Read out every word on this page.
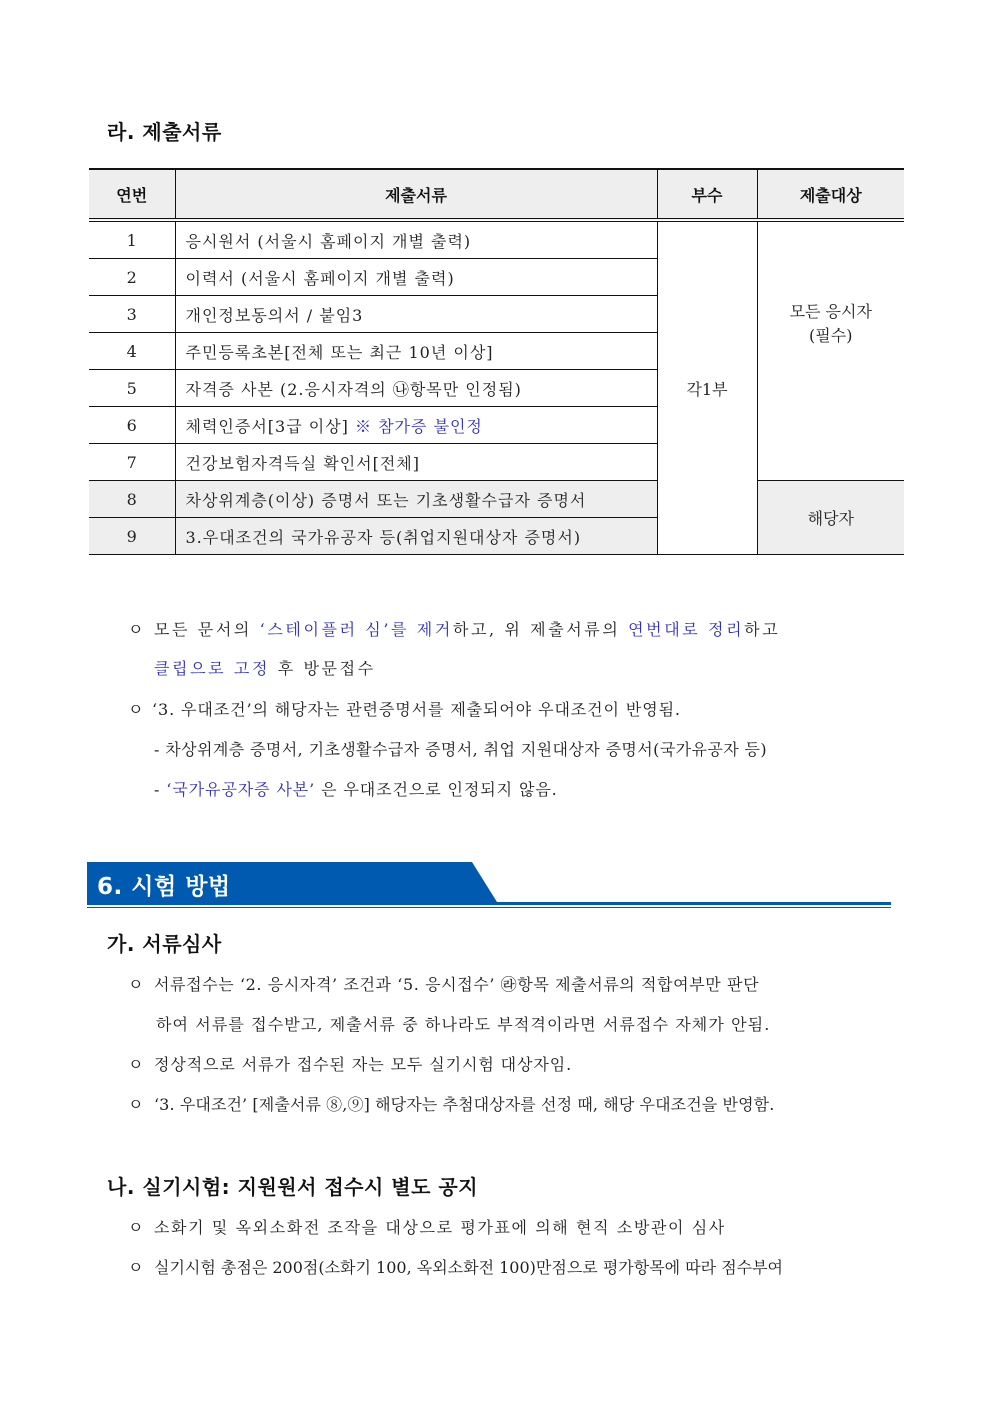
라. 제출서류
연번	제출서류	부수	제출대상
1	응시원서 (서울시 홈페이지 개별 출력)	각1부	모든 응시자
(필수)

2	이력서 (서울시 홈페이지 개별 출력)		
3	개인정보동의서 / 붙임3		
4	주민등록초본[전체 또는 최근 10년 이상]		
5	자격증 사본 (2.응시자격의 ㉯항목만 인정됨)		
6	체력인증서[3급 이상] ※ 참가증 불인정		
7	건강보험자격득실 확인서[전체]		
8	차상위계층(이상) 증명서 또는 기초생활수급자 증명서		해당자
9	3.우대조건의 국가유공자 등(취업지원대상자 증명서)		
ㅇ 모든 문서의 ‘스테이플러 심’를 제거하고, 위 제출서류의 연번대로 정리하고
클립으로 고정 후 방문접수
ㅇ ‘3. 우대조건’의 해당자는 관련증명서를 제출되어야 우대조건이 반영됨.
- 차상위계층 증명서, 기초생활수급자 증명서, 취업 지원대상자 증명서(국가유공자 등)
- ‘국가유공자증 사본’ 은 우대조건으로 인정되지 않음.
6. 시험 방법
가. 서류심사
ㅇ 서류접수는 ‘2. 응시자격’ 조건과 ‘5. 응시접수’ ㉱항목 제출서류의 적합여부만 판단
하여 서류를 접수받고, 제출서류 중 하나라도 부적격이라면 서류접수 자체가 안됨.
ㅇ 정상적으로 서류가 접수된 자는 모두 실기시험 대상자임.
ㅇ ‘3. 우대조건’ [제출서류 ⑧,⑨] 해당자는 추첨대상자를 선정 때, 해당 우대조건을 반영함.
나. 실기시험: 지원원서 접수시 별도 공지
ㅇ 소화기 및 옥외소화전 조작을 대상으로 평가표에 의해 현직 소방관이 심사
ㅇ 실기시험 총점은 200점(소화기 100, 옥외소화전 100)만점으로 평가항목에 따라 점수부여
